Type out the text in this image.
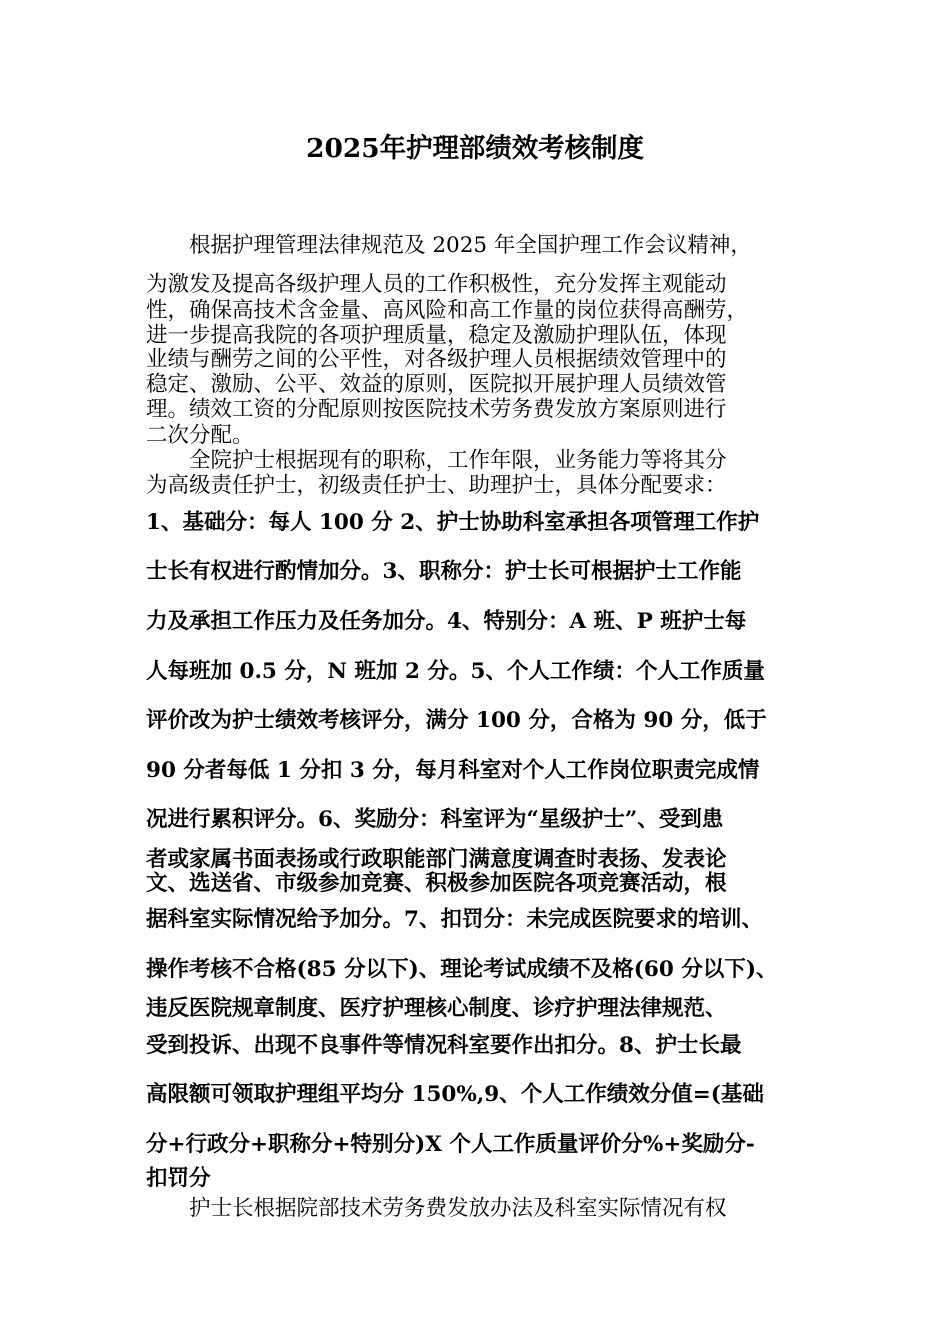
2025年护理部绩效考核制度
　　根据护理管理法律规范及 2025 年全国护理工作会议精神，
为激发及提高各级护理人员的工作积极性，充分发挥主观能动
性，确保高技术含金量、高风险和高工作量的岗位获得高酬劳，
进一步提高我院的各项护理质量，稳定及激励护理队伍，体现
业绩与酬劳之间的公平性，对各级护理人员根据绩效管理中的
稳定、激励、公平、效益的原则，医院拟开展护理人员绩效管
理。绩效工资的分配原则按医院技术劳务费发放方案原则进行
二次分配。
　　全院护士根据现有的职称，工作年限，业务能力等将其分
为高级责任护士，初级责任护士、助理护士，具体分配要求：
1、基础分：每人 100 分 2、护士协助科室承担各项管理工作护
士长有权进行酌情加分。3、职称分：护士长可根据护士工作能
力及承担工作压力及任务加分。4、特别分：A 班、P 班护士每
人每班加 0.5 分，N 班加 2 分。5、个人工作绩：个人工作质量
评价改为护士绩效考核评分，满分 100 分，合格为 90 分，低于
90 分者每低 1 分扣 3 分，每月科室对个人工作岗位职责完成情
况进行累积评分。6、奖励分：科室评为“星级护士”、受到患
者或家属书面表扬或行政职能部门满意度调查时表扬、发表论
文、选送省、市级参加竞赛、积极参加医院各项竞赛活动，根
据科室实际情况给予加分。7、扣罚分：未完成医院要求的培训、
操作考核不合格(85 分以下)、理论考试成绩不及格(60 分以下)、
违反医院规章制度、医疗护理核心制度、诊疗护理法律规范、
受到投诉、出现不良事件等情况科室要作出扣分。8、护士长最
高限额可领取护理组平均分 150%,9、个人工作绩效分值=(基础
分+行政分+职称分+特别分)X 个人工作质量评价分%+奖励分-
扣罚分
　　护士长根据院部技术劳务费发放办法及科室实际情况有权
